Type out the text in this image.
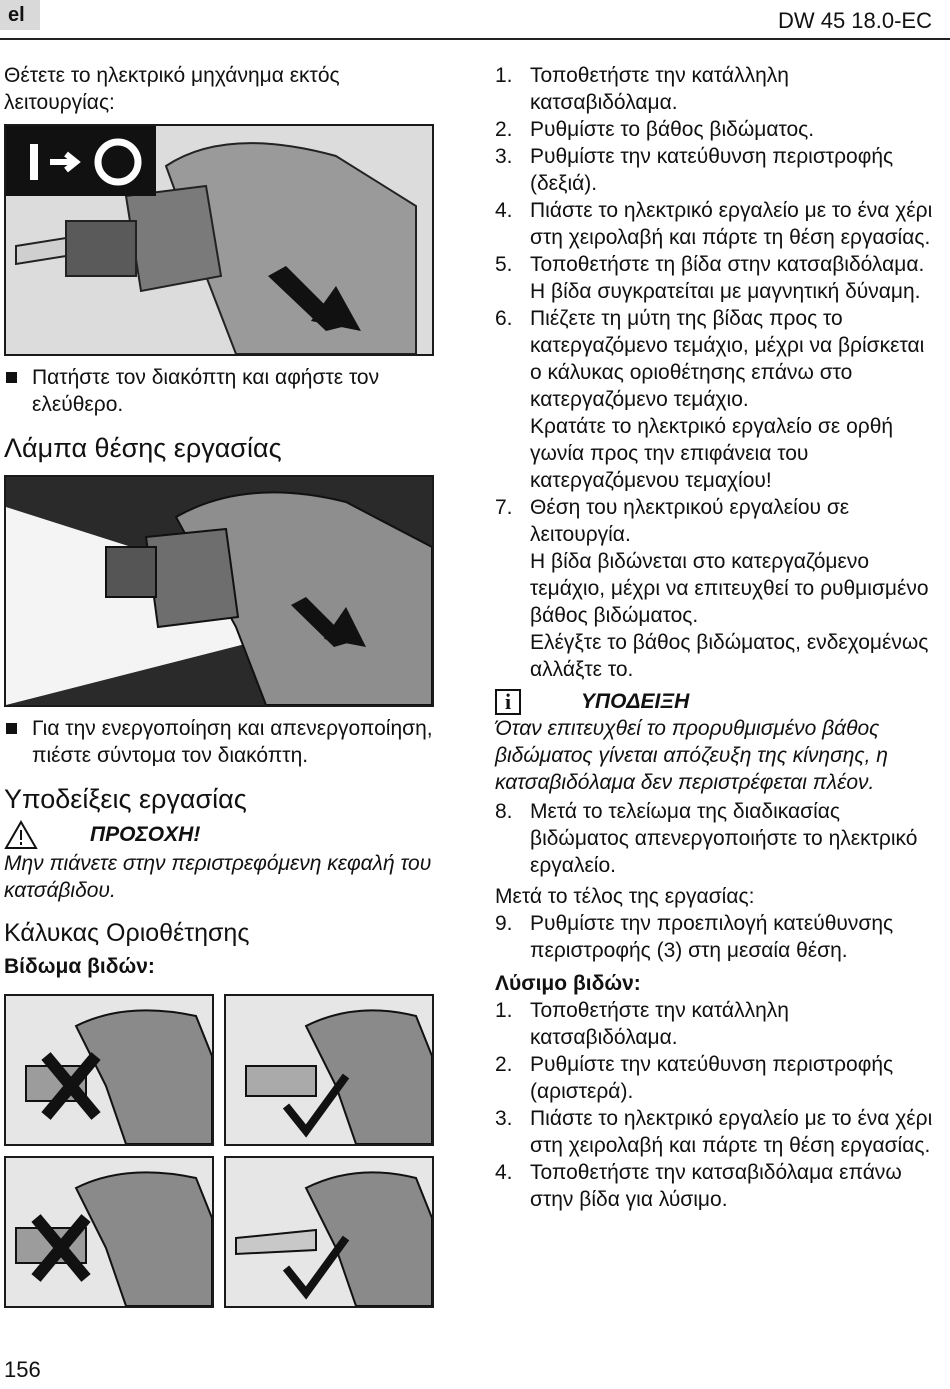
el	DW 45 18.0-EC

Θέτετε το ηλεκτρικό μηχάνημα εκτός λειτουργίας:

Πατήστε τον διακόπτη και αφήστε τον ελεύθερο.

Λάμπα θέσης εργασίας

Για την ενεργοποίηση και απενεργοποίηση, πιέστε σύντομα τον διακόπτη.

Υποδείξεις εργασίας

ΠΡΟΣΟΧΗ!

Μην πιάνετε στην περιστρεφόμενη κεφαλή του κατσάβιδου.

Κάλυκας Οριοθέτησης

Βίδωμα βιδών:

1. Τοποθετήστε την κατάλληλη κατσαβιδόλαμα.
2. Ρυθμίστε το βάθος βιδώματος.
3. Ρυθμίστε την κατεύθυνση περιστροφής (δεξιά).
4. Πιάστε το ηλεκτρικό εργαλείο με το ένα χέρι στη χειρολαβή και πάρτε τη θέση εργασίας.
5. Τοποθετήστε τη βίδα στην κατσαβιδόλαμα.
Η βίδα συγκρατείται με μαγνητική δύναμη.
6. Πιέζετε τη μύτη της βίδας προς το κατεργαζόμενο τεμάχιο, μέχρι να βρίσκεται ο κάλυκας οριοθέτησης επάνω στο κατεργαζόμενο τεμάχιο.
Κρατάτε το ηλεκτρικό εργαλείο σε ορθή γωνία προς την επιφάνεια του κατεργαζόμενου τεμαχίου!
7. Θέση του ηλεκτρικού εργαλείου σε λειτουργία.
Η βίδα βιδώνεται στο κατεργαζόμενο τεμάχιο, μέχρι να επιτευχθεί το ρυθμισμένο βάθος βιδώματος.
Ελέγξτε το βάθος βιδώματος, ενδεχομένως αλλάξτε το.
i	ΥΠΟΔΕΙΞΗ

Όταν επιτευχθεί το προρυθμισμένο βάθος βιδώματος γίνεται απόζευξη της κίνησης, η κατσαβιδόλαμα δεν περιστρέφεται πλέον.

8. Μετά το τελείωμα της διαδικασίας βιδώματος απενεργοποιήστε το ηλεκτρικό εργαλείο.

Μετά το τέλος της εργασίας:

9. Ρυθμίστε την προεπιλογή κατεύθυνσης περιστροφής (3) στη μεσαία θέση.

Λύσιμο βιδών:

1. Τοποθετήστε την κατάλληλη κατσαβιδόλαμα.
2. Ρυθμίστε την κατεύθυνση περιστροφής (αριστερά).
3. Πιάστε το ηλεκτρικό εργαλείο με το ένα χέρι στη χειρολαβή και πάρτε τη θέση εργασίας.
4. Τοποθετήστε την κατσαβιδόλαμα επάνω στην βίδα για λύσιμο.
156
